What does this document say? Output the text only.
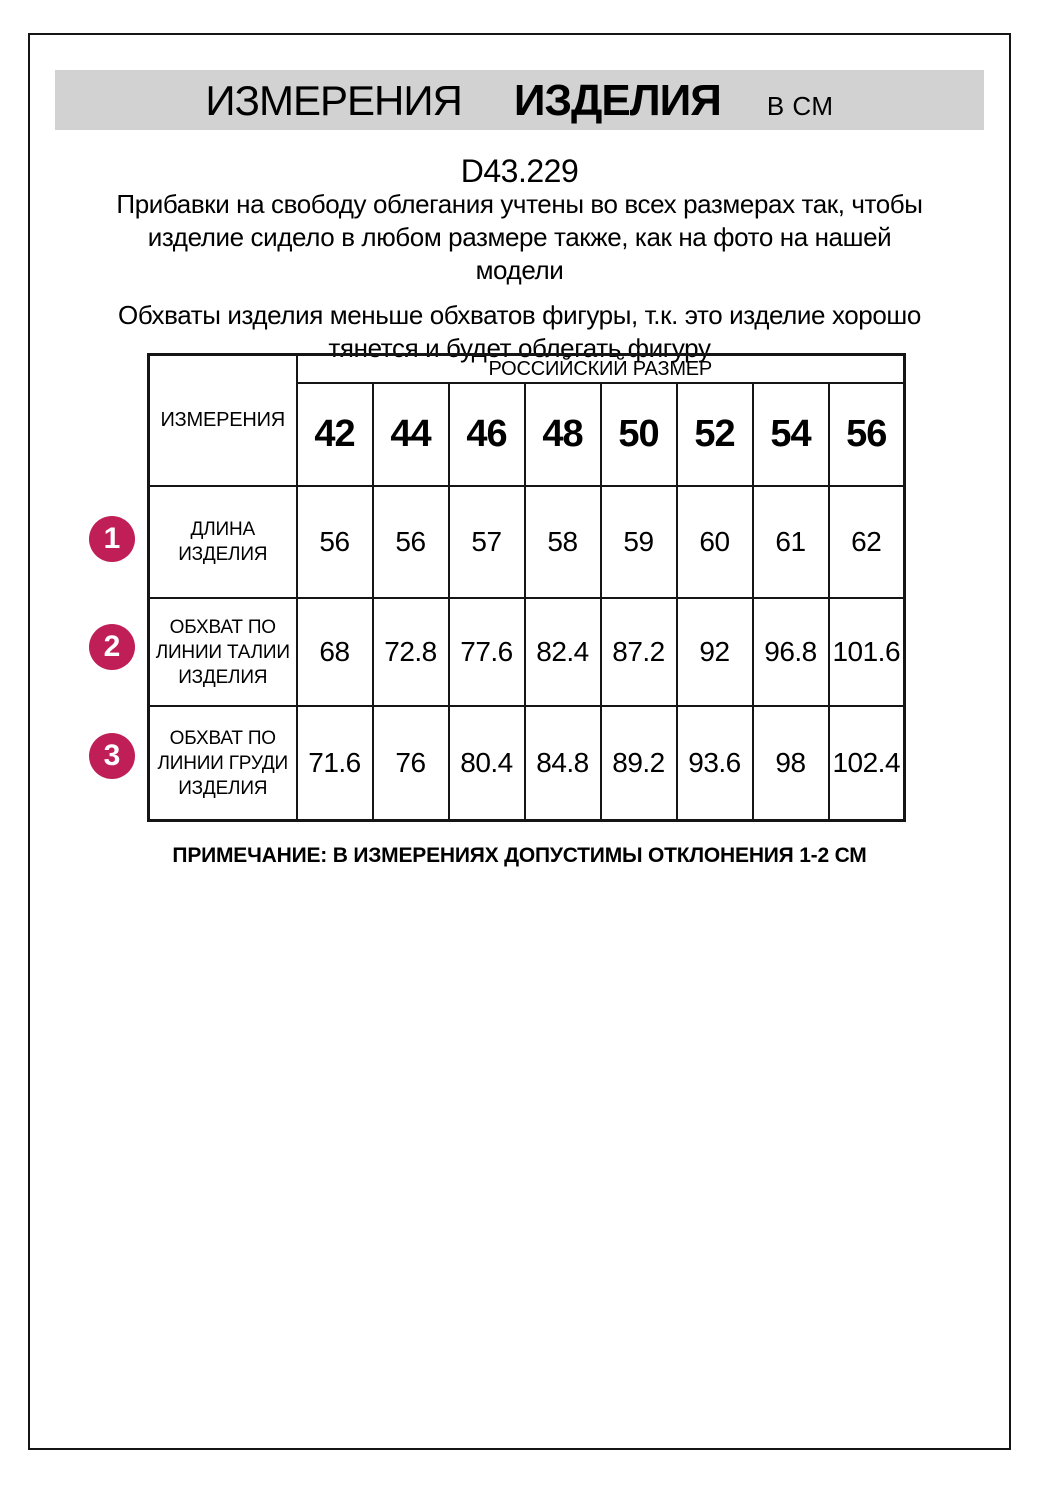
ИЗМЕРЕНИЯ ИЗДЕЛИЯ В СМ
D43.229
Прибавки на свободу облегания учтены во всех размерах так, чтобы
изделие сидело в любом размере также, как на фото на нашей
модели
Обхваты изделия меньше обхватов фигуры, т.к. это изделие хорошо
тянется и будет облегать фигуру
1
2
3
ИЗМЕРЕНИЯ	РОССИЙСКИЙ РАЗМЕР							
	42	44	46	48	50	52	54	56
ДЛИНА ИЗДЕЛИЯ	56	56	57	58	59	60	61	62
ОБХВАТ ПО ЛИНИИ ТАЛИИ ИЗДЕЛИЯ	68	72.8	77.6	82.4	87.2	92	96.8	101.6
ОБХВАТ ПО ЛИНИИ ГРУДИ ИЗДЕЛИЯ	71.6	76	80.4	84.8	89.2	93.6	98	102.4
ПРИМЕЧАНИЕ: В ИЗМЕРЕНИЯХ ДОПУСТИМЫ ОТКЛОНЕНИЯ 1-2 СМ
